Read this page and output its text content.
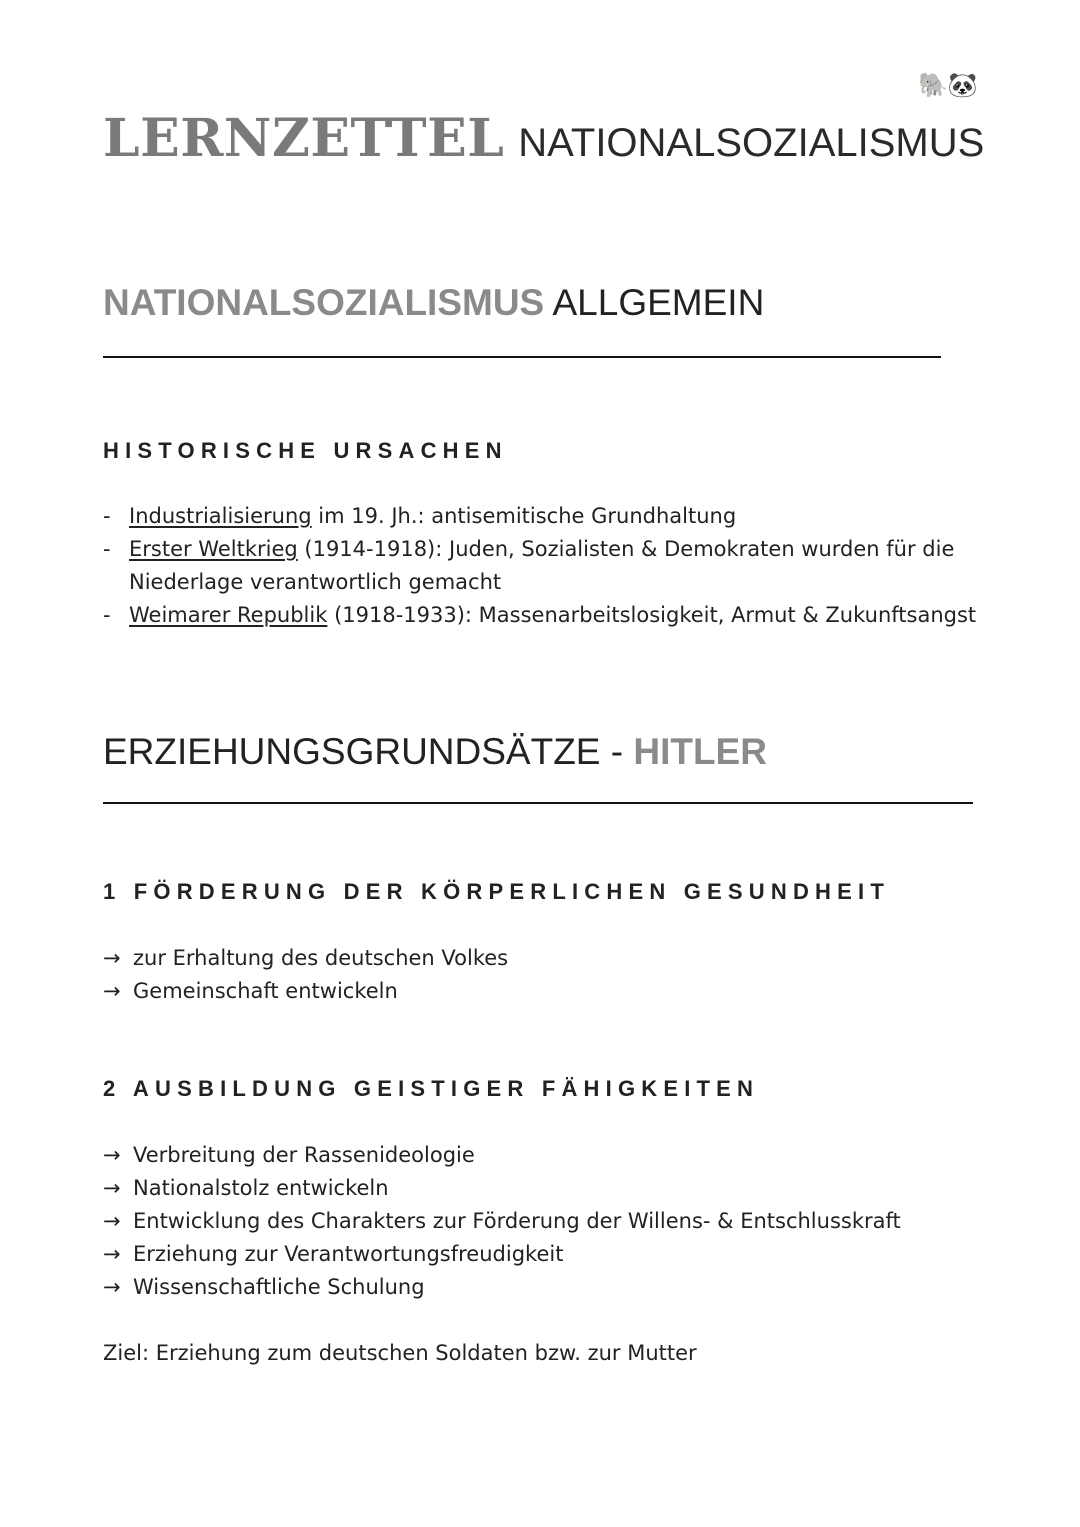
🐘🐼
LERNZETTEL NATIONALSOZIALISMUS
NATIONALSOZIALISMUS ALLGEMEIN
HISTORISCHE URSACHEN
- Industrialisierung im 19. Jh.: antisemitische Grundhaltung
- Erster Weltkrieg (1914-1918): Juden, Sozialisten & Demokraten wurden für die Niederlage verantwortlich gemacht
- Weimarer Republik (1918-1933): Massenarbeitslosigkeit, Armut & Zukunftsangst
ERZIEHUNGSGRUNDSÄTZE - HITLER
1 FÖRDERUNG DER KÖRPERLICHEN GESUNDHEIT
→ zur Erhaltung des deutschen Volkes
→ Gemeinschaft entwickeln
2 AUSBILDUNG GEISTIGER FÄHIGKEITEN
→ Verbreitung der Rassenideologie
→ Nationalstolz entwickeln
→ Entwicklung des Charakters zur Förderung der Willens- & Entschlusskraft
→ Erziehung zur Verantwortungsfreudigkeit
→ Wissenschaftliche Schulung
Ziel: Erziehung zum deutschen Soldaten bzw. zur Mutter
